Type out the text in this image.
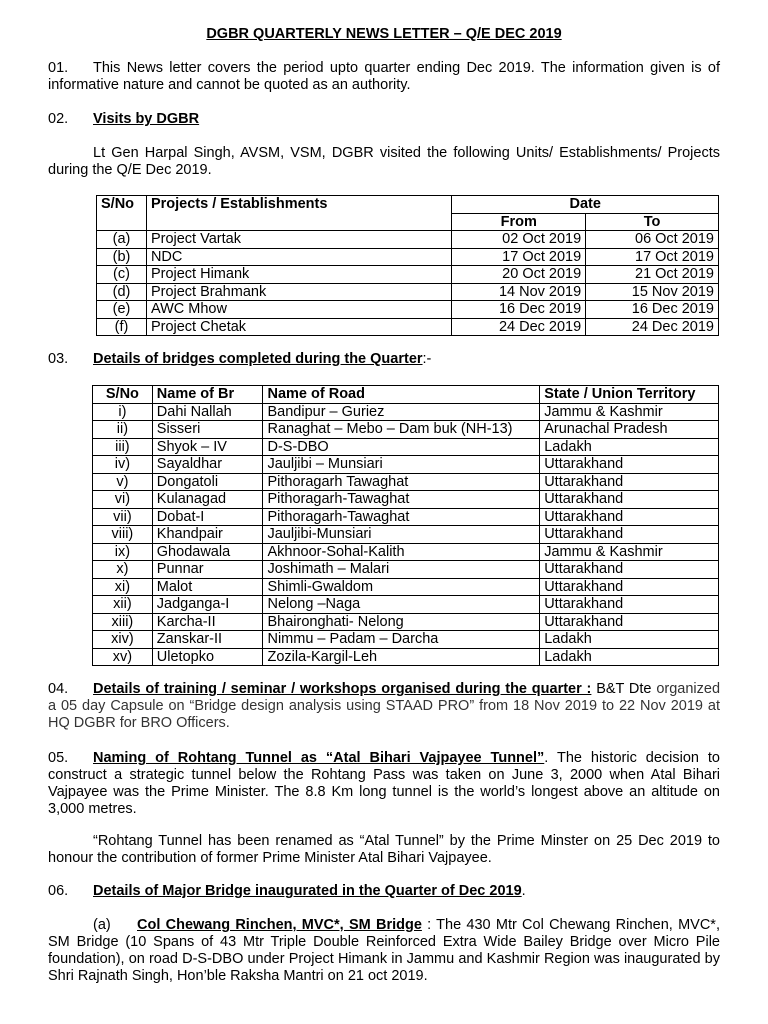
DGBR QUARTERLY NEWS LETTER – Q/E DEC 2019
01. This News letter covers the period upto quarter ending Dec 2019. The information given is of informative nature and cannot be quoted as an authority.
02. Visits by DGBR
Lt Gen Harpal Singh, AVSM, VSM, DGBR visited the following Units/ Establishments/ Projects during the Q/E Dec 2019.
S/No	Projects / Establishments	Date	
		From	To
(a)	Project Vartak	02 Oct 2019	06 Oct 2019
(b)	NDC	17 Oct 2019	17 Oct 2019
(c)	Project Himank	20 Oct 2019	21 Oct 2019
(d)	Project Brahmank	14 Nov 2019	15 Nov 2019
(e)	AWC Mhow	16 Dec 2019	16 Dec 2019
(f)	Project Chetak	24 Dec 2019	24 Dec 2019
03. Details of bridges completed during the Quarter:-
S/No	Name of Br	Name of Road	State / Union Territory
i)	Dahi Nallah	Bandipur – Guriez	Jammu & Kashmir
ii)	Sisseri	Ranaghat – Mebo – Dam buk (NH-13)	Arunachal Pradesh
iii)	Shyok – IV	D-S-DBO	Ladakh
iv)	Sayaldhar	Jauljibi – Munsiari	Uttarakhand
v)	Dongatoli	Pithoragarh Tawaghat	Uttarakhand
vi)	Kulanagad	Pithoragarh-Tawaghat	Uttarakhand
vii)	Dobat-I	Pithoragarh-Tawaghat	Uttarakhand
viii)	Khandpair	Jauljibi-Munsiari	Uttarakhand
ix)	Ghodawala	Akhnoor-Sohal-Kalith	Jammu & Kashmir
x)	Punnar	Joshimath – Malari	Uttarakhand
xi)	Malot	Shimli-Gwaldom	Uttarakhand
xii)	Jadganga-I	Nelong –Naga	Uttarakhand
xiii)	Karcha-II	Bhaironghati- Nelong	Uttarakhand
xiv)	Zanskar-II	Nimmu – Padam – Darcha	Ladakh
xv)	Uletopko	Zozila-Kargil-Leh	Ladakh
04. Details of training / seminar / workshops organised during the quarter : B&T Dte organized a 05 day Capsule on “Bridge design analysis using STAAD PRO” from 18 Nov 2019 to 22 Nov 2019 at HQ DGBR for BRO Officers.
05. Naming of Rohtang Tunnel as “Atal Bihari Vajpayee Tunnel”. The historic decision to construct a strategic tunnel below the Rohtang Pass was taken on June 3, 2000 when Atal Bihari Vajpayee was the Prime Minister. The 8.8 Km long tunnel is the world’s longest above an altitude on 3,000 metres.
“Rohtang Tunnel has been renamed as “Atal Tunnel” by the Prime Minster on 25 Dec 2019 to honour the contribution of former Prime Minister Atal Bihari Vajpayee.
06. Details of Major Bridge inaugurated in the Quarter of Dec 2019.
(a) Col Chewang Rinchen, MVC*, SM Bridge : The 430 Mtr Col Chewang Rinchen, MVC*, SM Bridge (10 Spans of 43 Mtr Triple Double Reinforced Extra Wide Bailey Bridge over Micro Pile foundation), on road D-S-DBO under Project Himank in Jammu and Kashmir Region was inaugurated by Shri Rajnath Singh, Hon’ble Raksha Mantri on 21 oct 2019.
